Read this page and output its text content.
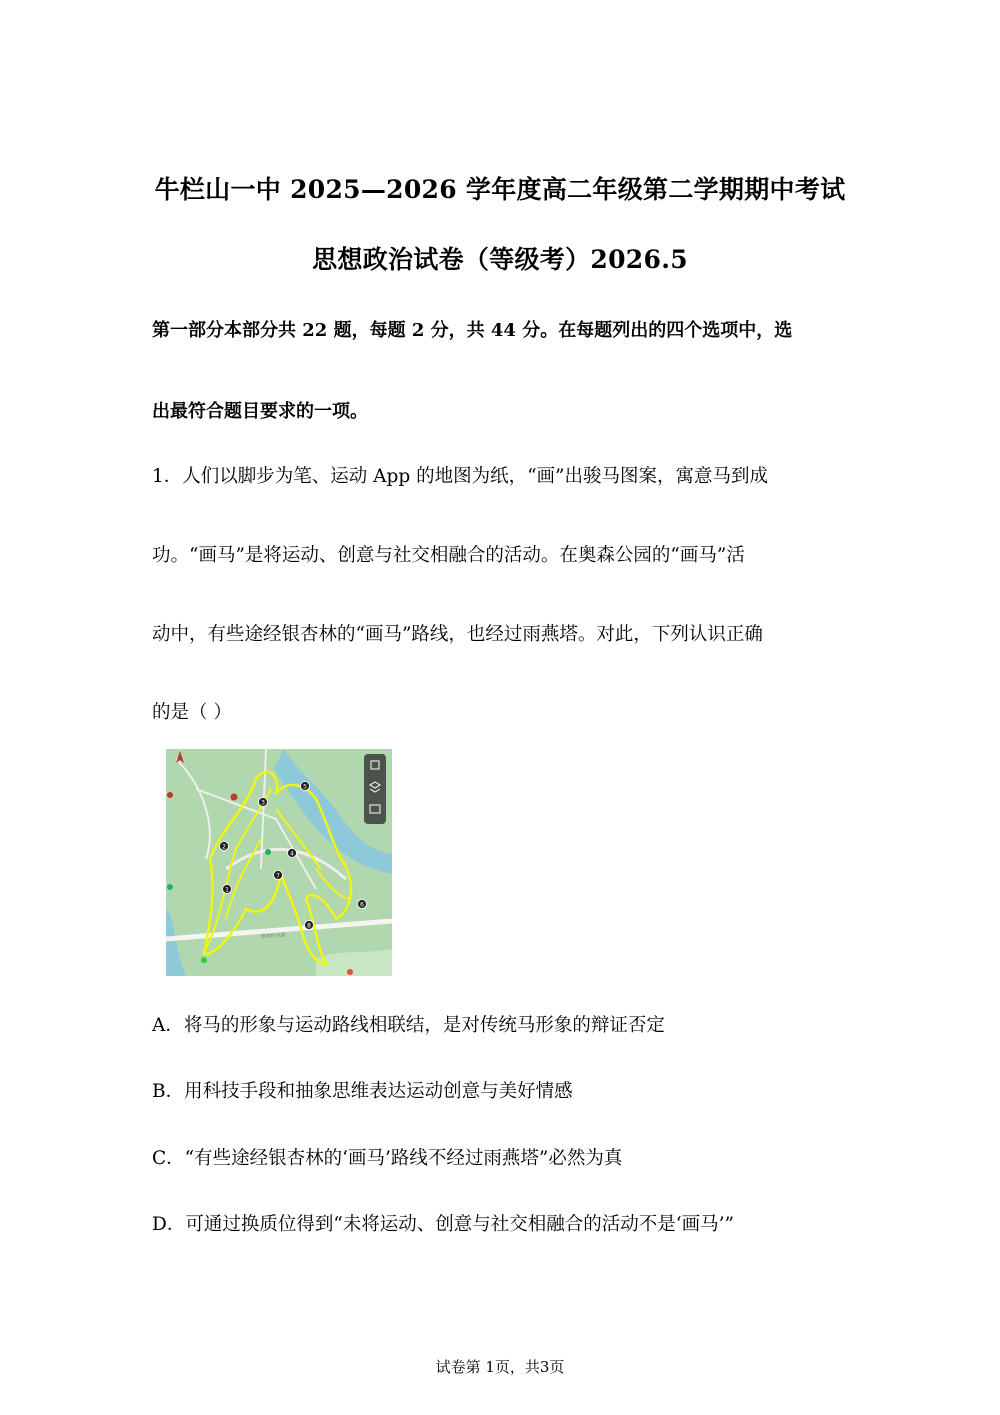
牛栏山一中 2025—2026 学年度高二年级第二学期期中考试
思想政治试卷（等级考）2026.5
第一部分本部分共 22 题，每题 2 分，共 44 分。在每题列出的四个选项中，选
出最符合题目要求的一项。
1．人们以脚步为笔、运动 App 的地图为纸，“画”出骏马图案，寓意马到成
功。“画马”是将运动、创意与社交相融合的活动。在奥森公园的“画马”活
动中，有些途经银杏林的“画马”路线，也经过雨燕塔。对此，下列认识正确
的是（ ）
1
2
3
4
5
6
7
8
奥林匹克路
A．将马的形象与运动路线相联结，是对传统马形象的辩证否定
B．用科技手段和抽象思维表达运动创意与美好情感
C．“有些途经银杏林的‘画马’路线不经过雨燕塔”必然为真
D．可通过换质位得到“未将运动、创意与社交相融合的活动不是‘画马’”
试卷第 1页，共3页
